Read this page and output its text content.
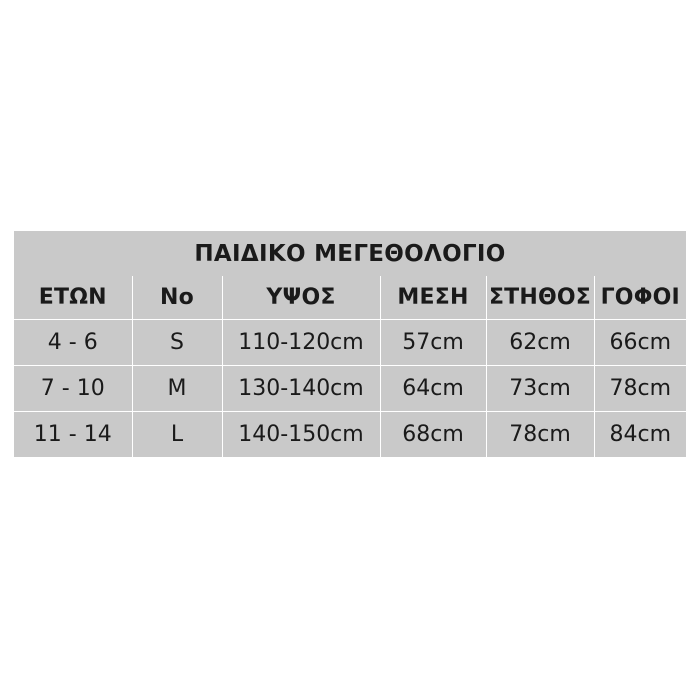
ΠΑΙΔΙΚΟ ΜΕΓΕΘΟΛΟΓΙΟ
ΕΤΩΝ	No	ΥΨΟΣ	ΜΕΣΗ	ΣΤΗΘΟΣ	ΓΟΦΟΙ
4 - 6	S	110-120cm	57cm	62cm	66cm
7 - 10	M	130-140cm	64cm	73cm	78cm
11 - 14	L	140-150cm	68cm	78cm	84cm
